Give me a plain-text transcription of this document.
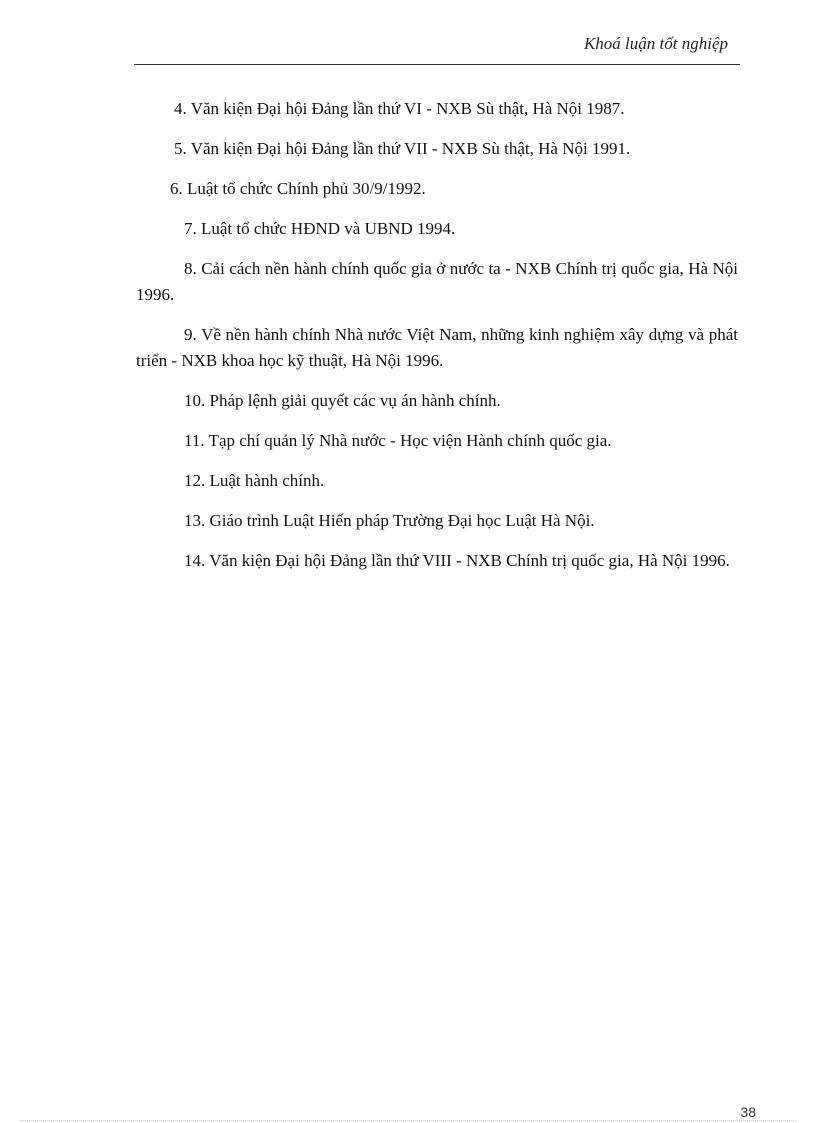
Khoá luận tốt nghiệp

4. Văn kiện Đại hội Đảng lần thứ VI - NXB Sù thật, Hà Nội 1987.

5. Văn kiện Đại hội Đảng lần thứ VII - NXB Sù thật, Hà Nội 1991.

6. Luật tổ chức Chính phủ 30/9/1992.

7. Luật tổ chức HĐND và UBND 1994.

8. Cải cách nền hành chính quốc gia ở nước ta - NXB Chính trị quốc gia, Hà Nội 1996.

9. Về nền hành chính Nhà nước Việt Nam, những kinh nghiệm xây dựng và phát triển - NXB khoa học kỹ thuật, Hà Nội 1996.

10. Pháp lệnh giải quyết các vụ án hành chính.

11. Tạp chí quản lý Nhà nước - Học viện Hành chính quốc gia.

12. Luật hành chính.

13. Giáo trình Luật Hiến pháp Trường Đại học Luật Hà Nội.

14. Văn kiện Đại hội Đảng lần thứ VIII - NXB Chính trị quốc gia, Hà Nội 1996.

38
